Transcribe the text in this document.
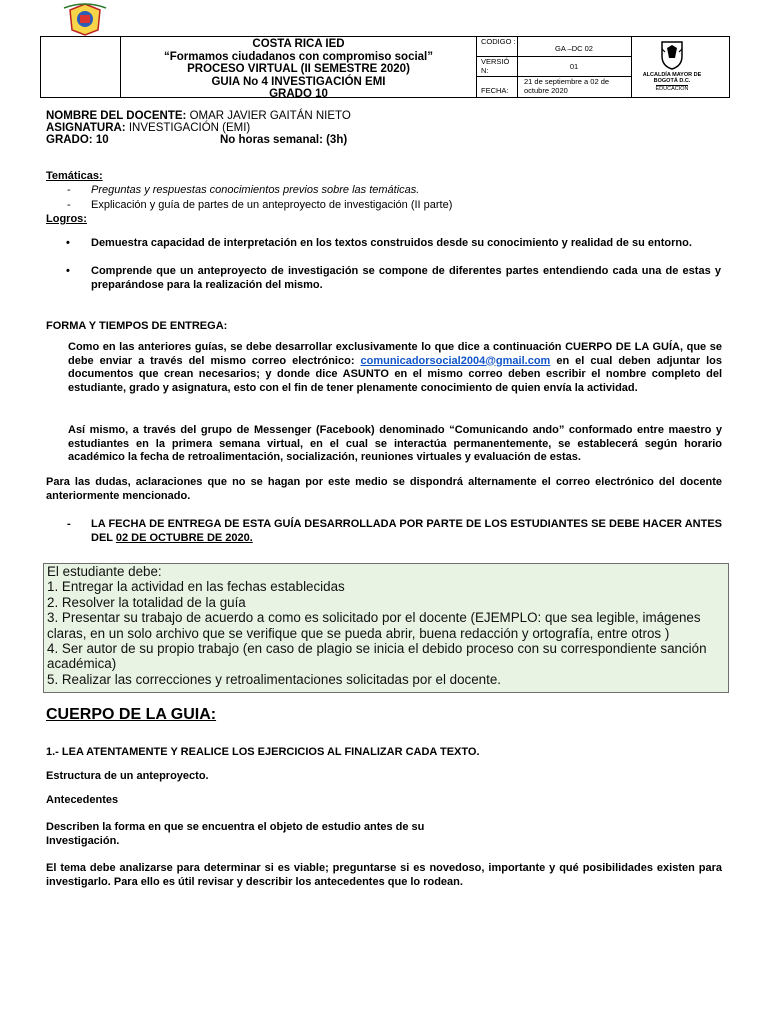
COSTA RICA IED
“Formamos ciudadanos con compromiso social”
PROCESO VIRTUAL (II SEMESTRE 2020)
GUIA No 4 INVESTIGACIÓN EMI
GRADO 10
CODIGO :
GA –DC 02
VERSIÓ N:	01
FECHA:
21 de septiembre a 02 de octubre 2020
ALCALDÍA MAYOR DE BOGOTÁ D.C.
EDUCACIÓN
NOMBRE DEL DOCENTE: OMAR JAVIER GAITÁN NIETO
ASIGNATURA: INVESTIGACIÓN (EMI)
GRADO: 10	No horas semanal: (3h)
Temáticas:
- Preguntas y respuestas conocimientos previos sobre las temáticas.
- Explicación y guía de partes de un anteproyecto de investigación (II parte)
Logros:
• Demuestra capacidad de interpretación en los textos construidos desde su conocimiento y realidad de su entorno.
• Comprende que un anteproyecto de investigación se compone de diferentes partes entendiendo cada una de estas y preparándose para la realización del mismo.
FORMA Y TIEMPOS DE ENTREGA:
Como en las anteriores guías, se debe desarrollar exclusivamente lo que dice a continuación CUERPO DE LA GUÍA, que se debe enviar a través del mismo correo electrónico: comunicadorsocial2004@gmail.com en el cual deben adjuntar los documentos que crean necesarios; y donde dice ASUNTO en el mismo correo deben escribir el nombre completo del estudiante, grado y asignatura, esto con el fin de tener plenamente conocimiento de quien envía la actividad.
Así mismo, a través del grupo de Messenger (Facebook) denominado “Comunicando ando” conformado entre maestro y estudiantes en la primera semana virtual, en el cual se interactúa permanentemente, se establecerá según horario académico la fecha de retroalimentación, socialización, reuniones virtuales y evaluación de estas.
Para las dudas, aclaraciones que no se hagan por este medio se dispondrá alternamente el correo electrónico del docente anteriormente mencionado.
- LA FECHA DE ENTREGA DE ESTA GUÍA DESARROLLADA POR PARTE DE LOS ESTUDIANTES SE DEBE HACER ANTES DEL 02 DE OCTUBRE DE 2020.
El estudiante debe:
1. Entregar la actividad en las fechas establecidas
2. Resolver la totalidad de la guía
3. Presentar su trabajo de acuerdo a como es solicitado por el docente (EJEMPLO: que sea legible, imágenes claras, en un solo archivo que se verifique que se pueda abrir, buena redacción y ortografía, entre otros )
4. Ser autor de su propio trabajo (en caso de plagio se inicia el debido proceso con su correspondiente sanción académica)
5. Realizar las correcciones y retroalimentaciones solicitadas por el docente.
CUERPO DE LA GUIA:
1.- LEA ATENTAMENTE Y REALICE LOS EJERCICIOS AL FINALIZAR CADA TEXTO.
Estructura de un anteproyecto.
Antecedentes
Describen la forma en que se encuentra el objeto de estudio antes de su Investigación.
El tema debe analizarse para determinar si es viable; preguntarse si es novedoso, importante y qué posibilidades existen para investigarlo. Para ello es útil revisar y describir los antecedentes que lo rodean.
